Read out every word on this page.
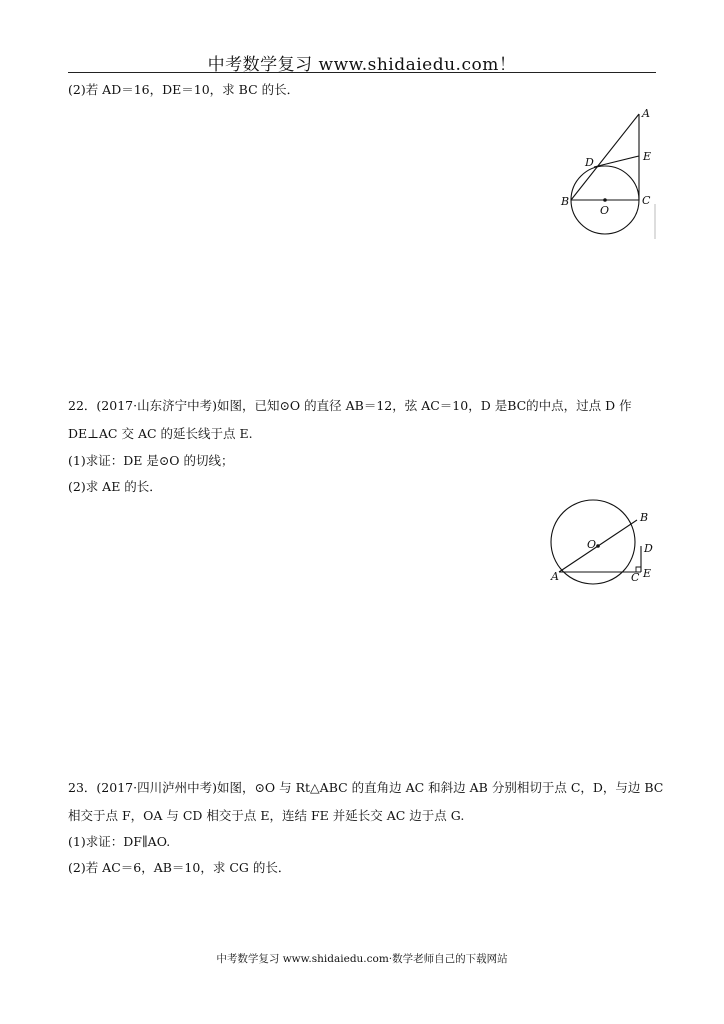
中考数学复习 www.shidaiedu.com！
(2)若 AD＝16，DE＝10，求 BC 的长．
A
E
D
B
O
C
22．(2017·山东济宁中考)如图，已知⊙O 的直径 AB＝12，弦 AC＝10，D 是BC的中点，过点 D 作
DE⊥AC 交 AC 的延长线于点 E.
(1)求证：DE 是⊙O 的切线；
(2)求 AE 的长．
B
O	D
A	C E
23．(2017·四川泸州中考)如图，⊙O 与 Rt△ABC 的直角边 AC 和斜边 AB 分别相切于点 C，D，与边 BC
相交于点 F，OA 与 CD 相交于点 E，连结 FE 并延长交 AC 边于点 G.
(1)求证：DF∥AO.
(2)若 AC＝6，AB＝10，求 CG 的长．
中考数学复习 www.shidaiedu.com·数学老师自己的下载网站
